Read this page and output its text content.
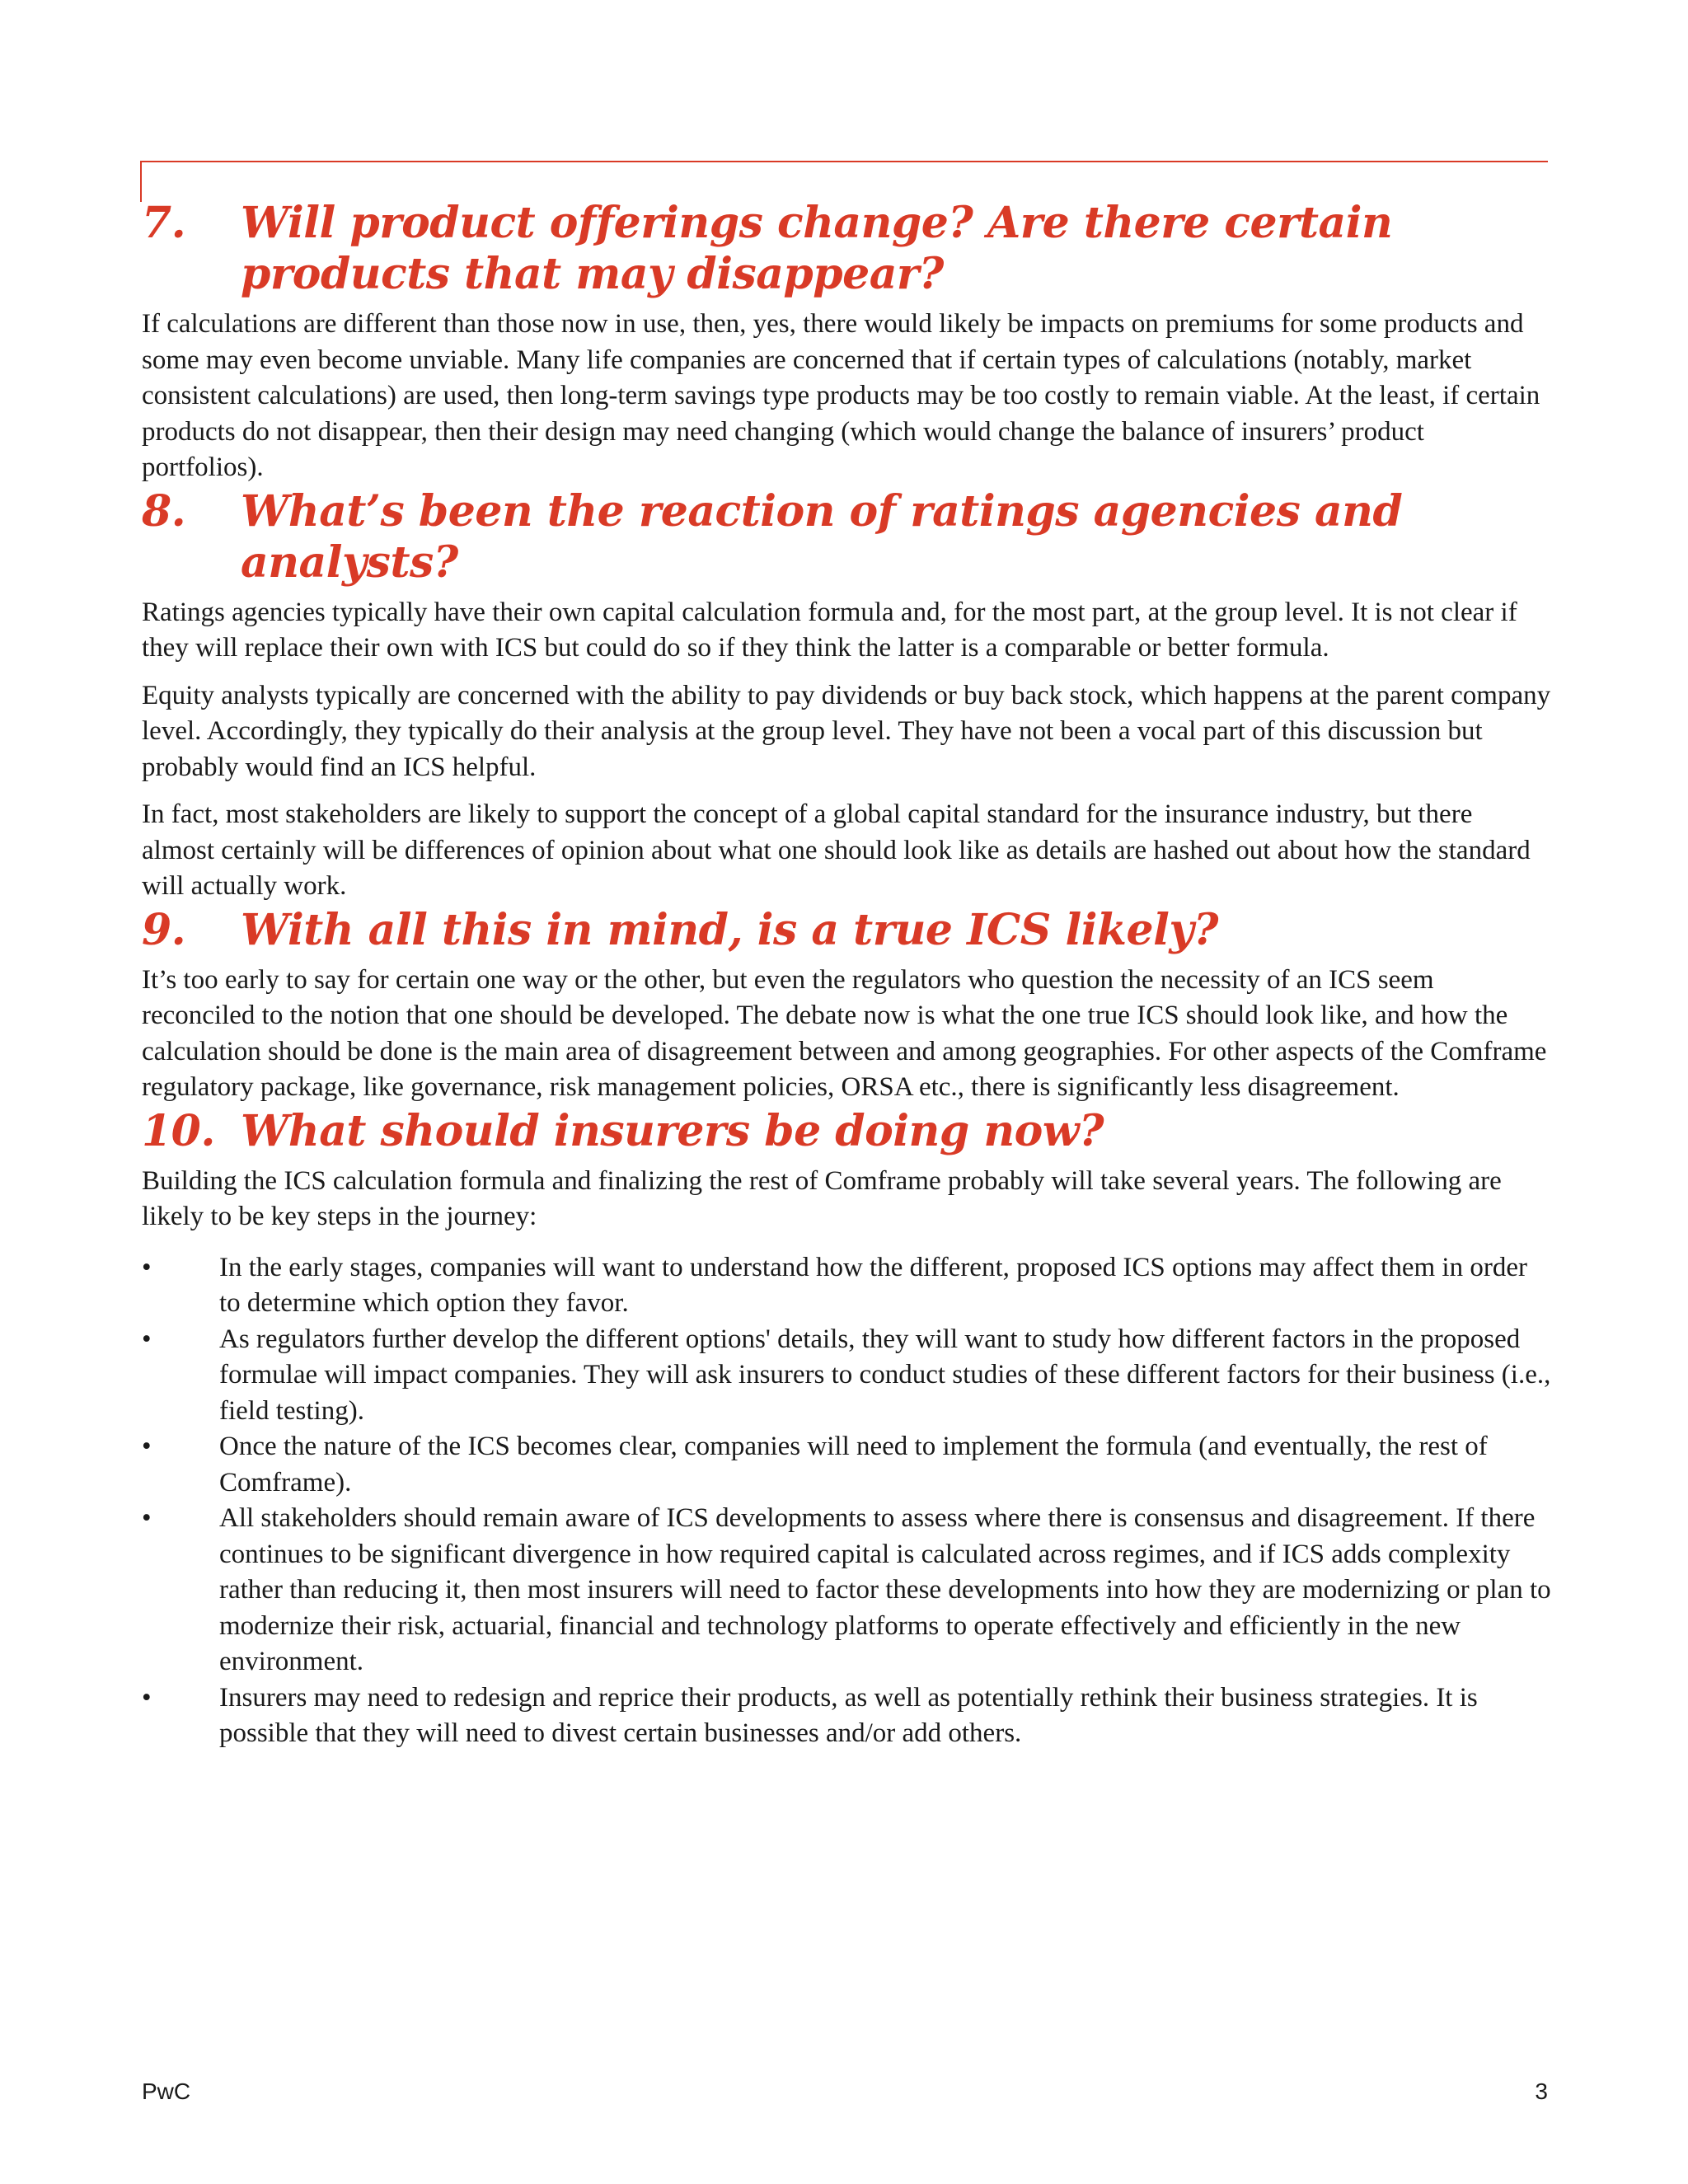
7.	Will product offerings change? Are there certain products that may disappear?

If calculations are different than those now in use, then, yes, there would likely be impacts on premiums for some products and some may even become unviable. Many life companies are concerned that if certain types of calculations (notably, market consistent calculations) are used, then long-term savings type products may be too costly to remain viable. At the least, if certain products do not disappear, then their design may need changing (which would change the balance of insurers’ product portfolios).

8.	What’s been the reaction of ratings agencies and analysts?

Ratings agencies typically have their own capital calculation formula and, for the most part, at the group level. It is not clear if they will replace their own with ICS but could do so if they think the latter is a comparable or better formula.

Equity analysts typically are concerned with the ability to pay dividends or buy back stock, which happens at the parent company level. Accordingly, they typically do their analysis at the group level. They have not been a vocal part of this discussion but probably would find an ICS helpful.

In fact, most stakeholders are likely to support the concept of a global capital standard for the insurance industry, but there almost certainly will be differences of opinion about what one should look like as details are hashed out about how the standard will actually work.

9.	With all this in mind, is a true ICS likely?

It’s too early to say for certain one way or the other, but even the regulators who question the necessity of an ICS seem reconciled to the notion that one should be developed. The debate now is what the one true ICS should look like, and how the calculation should be done is the main area of disagreement between and among geographies. For other aspects of the Comframe regulatory package, like governance, risk management policies, ORSA etc., there is significantly less disagreement.

10. What should insurers be doing now?

Building the ICS calculation formula and finalizing the rest of Comframe probably will take several years. The following are likely to be key steps in the journey:

•	In the early stages, companies will want to understand how the different, proposed ICS options may affect them in order to determine which option they favor.
•	As regulators further develop the different options' details, they will want to study how different factors in the proposed formulae will impact companies. They will ask insurers to conduct studies of these different factors for their business (i.e., field testing).
•	Once the nature of the ICS becomes clear, companies will need to implement the formula (and eventually, the rest of Comframe).
•	All stakeholders should remain aware of ICS developments to assess where there is consensus and disagreement. If there continues to be significant divergence in how required capital is calculated across regimes, and if ICS adds complexity rather than reducing it, then most insurers will need to factor these developments into how they are modernizing or plan to modernize their risk, actuarial, financial and technology platforms to operate effectively and efficiently in the new environment.
•	Insurers may need to redesign and reprice their products, as well as potentially rethink their business strategies. It is possible that they will need to divest certain businesses and/or add others.
PwC	3
